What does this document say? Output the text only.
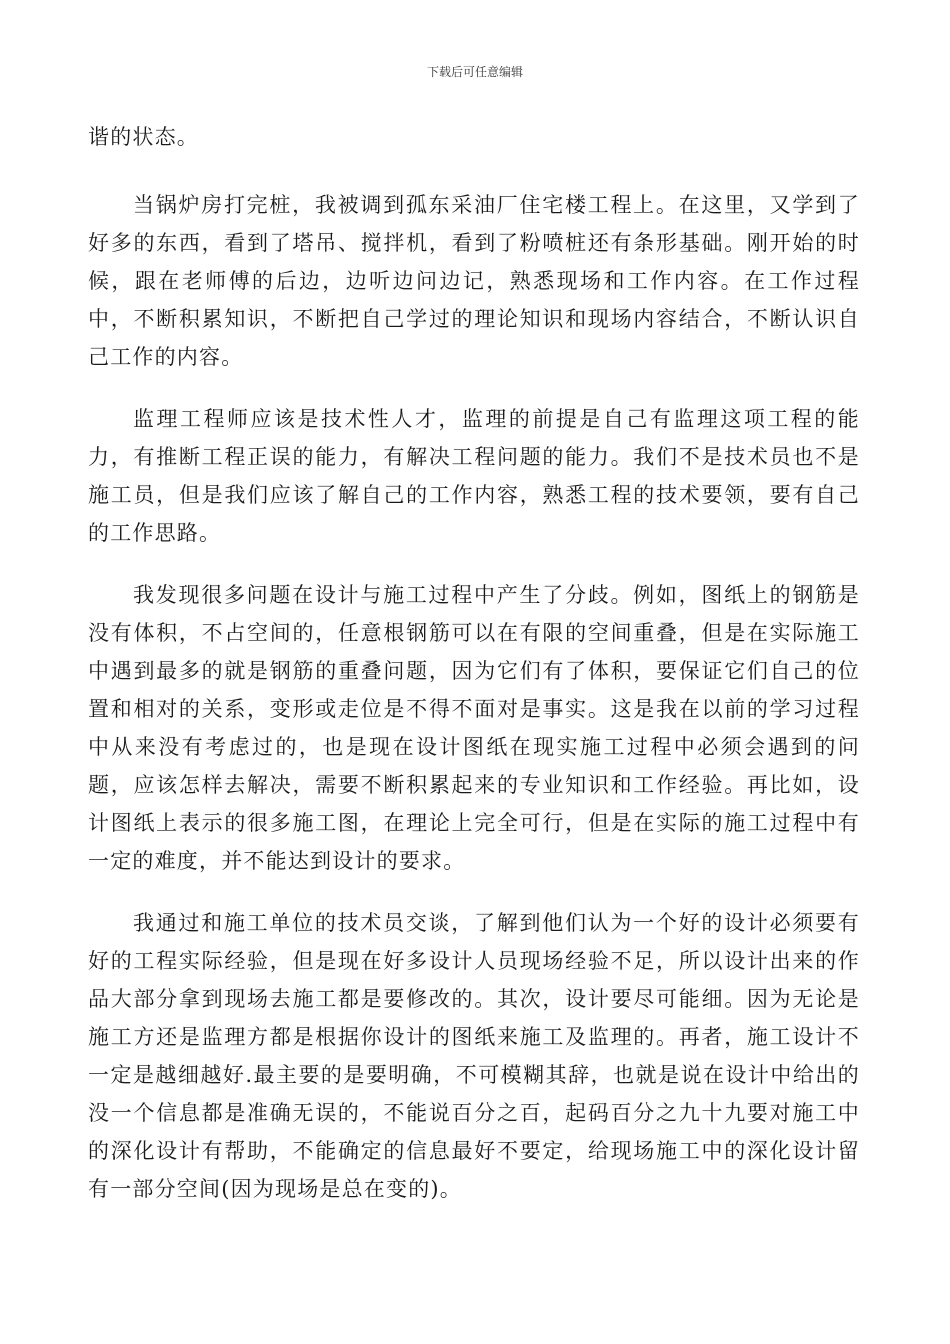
下载后可任意编辑

谐的状态。

当锅炉房打完桩，我被调到孤东采油厂住宅楼工程上。在这里，又学到了好多的东西，看到了塔吊、搅拌机，看到了粉喷桩还有条形基础。刚开始的时候，跟在老师傅的后边，边听边问边记，熟悉现场和工作内容。在工作过程中，不断积累知识，不断把自己学过的理论知识和现场内容结合，不断认识自己工作的内容。

监理工程师应该是技术性人才，监理的前提是自己有监理这项工程的能力，有推断工程正误的能力，有解决工程问题的能力。我们不是技术员也不是施工员，但是我们应该了解自己的工作内容，熟悉工程的技术要领，要有自己的工作思路。

我发现很多问题在设计与施工过程中产生了分歧。例如，图纸上的钢筋是没有体积，不占空间的，任意根钢筋可以在有限的空间重叠，但是在实际施工中遇到最多的就是钢筋的重叠问题，因为它们有了体积，要保证它们自己的位置和相对的关系，变形或走位是不得不面对是事实。这是我在以前的学习过程中从来没有考虑过的，也是现在设计图纸在现实施工过程中必须会遇到的问题，应该怎样去解决，需要不断积累起来的专业知识和工作经验。再比如，设计图纸上表示的很多施工图，在理论上完全可行，但是在实际的施工过程中有一定的难度，并不能达到设计的要求。

我通过和施工单位的技术员交谈，了解到他们认为一个好的设计必须要有好的工程实际经验，但是现在好多设计人员现场经验不足，所以设计出来的作品大部分拿到现场去施工都是要修改的。其次，设计要尽可能细。因为无论是施工方还是监理方都是根据你设计的图纸来施工及监理的。再者，施工设计不一定是越细越好.最主要的是要明确，不可模糊其辞，也就是说在设计中给出的没一个信息都是准确无误的，不能说百分之百，起码百分之九十九要对施工中的深化设计有帮助，不能确定的信息最好不要定，给现场施工中的深化设计留有一部分空间(因为现场是总在变的)。
